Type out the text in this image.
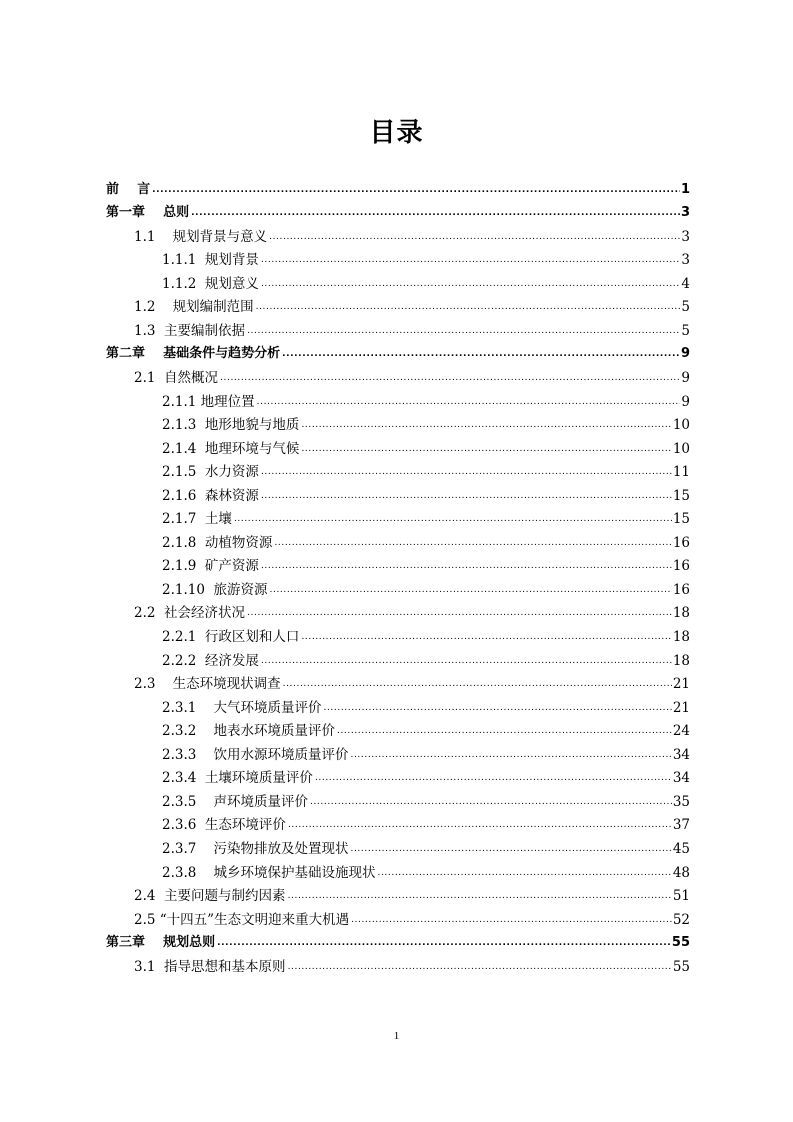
目录
前    言 .....	1
第一章    总则 .....	3
1.1    规划背景与意义 .....	3
1.1.1  规划背景 .....	3
1.1.2  规划意义 .....	4
1.2    规划编制范围 .....	5
1.3  主要编制依据 .....	5
第二章    基础条件与趋势分析 .....	9
2.1  自然概况 .....	9
2.1.1 地理位置 .....	9
2.1.3  地形地貌与地质 .....	10
2.1.4  地理环境与气候 .....	10
2.1.5  水力资源 .....	11
2.1.6  森林资源 .....	15
2.1.7  土壤 .....	15
2.1.8  动植物资源 .....	16
2.1.9  矿产资源 .....	16
2.1.10  旅游资源 .....	16
2.2  社会经济状况 .....	18
2.2.1  行政区划和人口 .....	18
2.2.2  经济发展 .....	18
2.3    生态环境现状调查 .....	21
2.3.1    大气环境质量评价 .....	21
2.3.2    地表水环境质量评价 .....	24
2.3.3    饮用水源环境质量评价 .....	34
2.3.4  土壤环境质量评价 .....	34
2.3.5    声环境质量评价 .....	35
2.3.6  生态环境评价 .....	37
2.3.7    污染物排放及处置现状 .....	45
2.3.8    城乡环境保护基础设施现状 .....	48
2.4  主要问题与制约因素 .....	51
2.5 “十四五”生态文明迎来重大机遇 .....	52
第三章    规划总则 .....	55
3.1  指导思想和基本原则 .....	55
1
